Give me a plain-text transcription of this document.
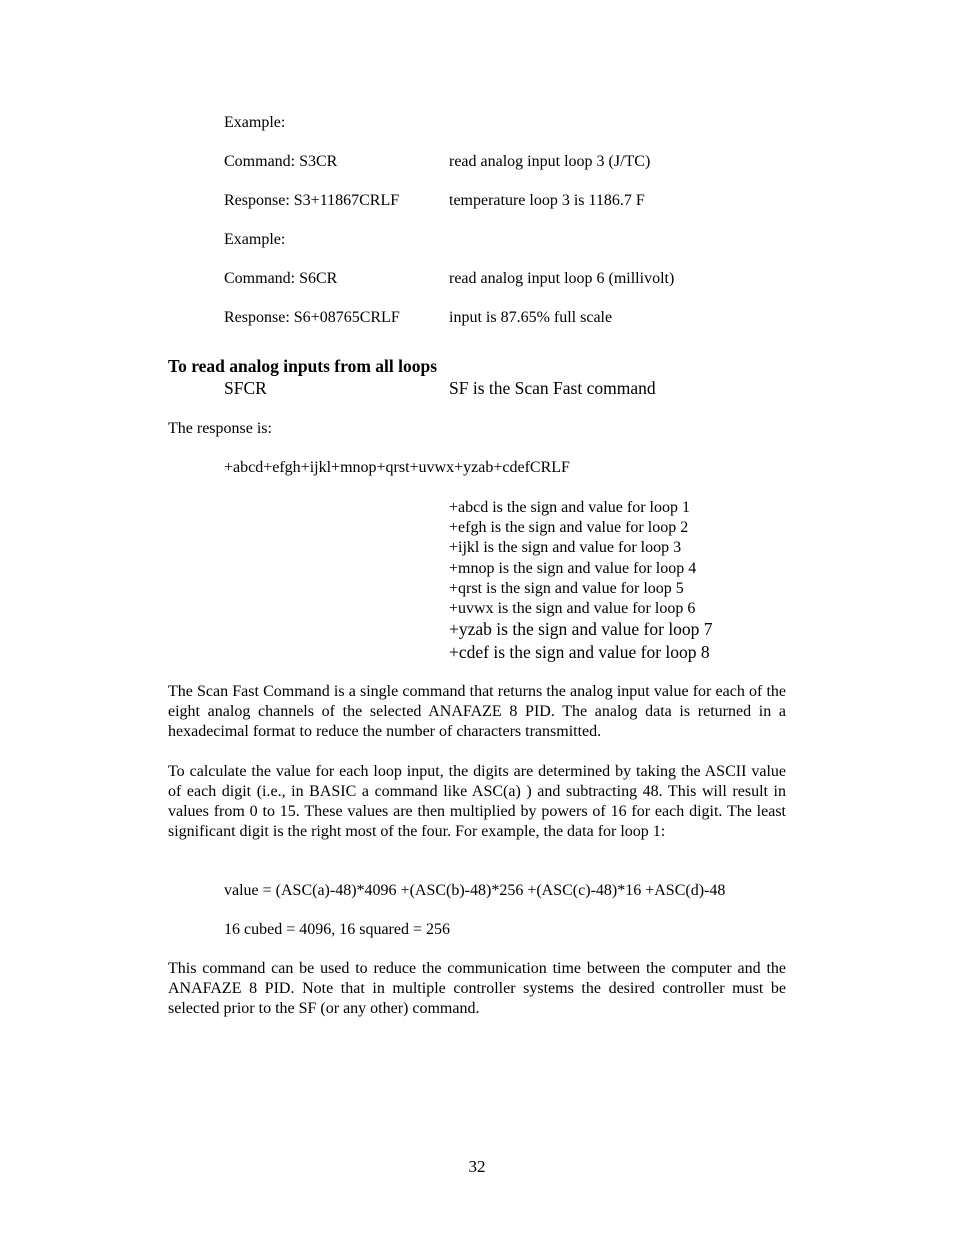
Example:
Command: S3CR	read analog input loop 3 (J/TC)
Response: S3+11867CRLF	temperature loop 3 is 1186.7 F
Example:
Command: S6CR	read analog input loop 6 (millivolt)
Response: S6+08765CRLF	input is 87.65% full scale
To read analog inputs from all loops
SFCR	SF is the Scan Fast command
The response is:
+abcd+efgh+ijkl+mnop+qrst+uvwx+yzab+cdefCRLF
+abcd is the sign and value for loop 1
+efgh is the sign and value for loop 2
+ijkl is the sign and value for loop 3
+mnop is the sign and value for loop 4
+qrst is the sign and value for loop 5
+uvwx is the sign and value for loop 6
+yzab is the sign and value for loop 7
+cdef is the sign and value for loop 8
The Scan Fast Command is a single command that returns the analog input value for each of the eight analog channels of the selected ANAFAZE 8 PID. The analog data is returned in a hexadecimal format to reduce the number of characters transmitted.
To calculate the value for each loop input, the digits are determined by taking the ASCII value of each digit (i.e., in BASIC a command like ASC(a) ) and subtracting 48. This will result in values from 0 to 15. These values are then multiplied by powers of 16 for each digit. The least significant digit is the right most of the four. For example, the data for loop 1:
value = (ASC(a)-48)*4096 +(ASC(b)-48)*256 +(ASC(c)-48)*16 +ASC(d)-48
16 cubed = 4096, 16 squared = 256
This command can be used to reduce the communication time between the computer and the ANAFAZE 8 PID. Note that in multiple controller systems the desired controller must be selected prior to the SF (or any other) command.
32
